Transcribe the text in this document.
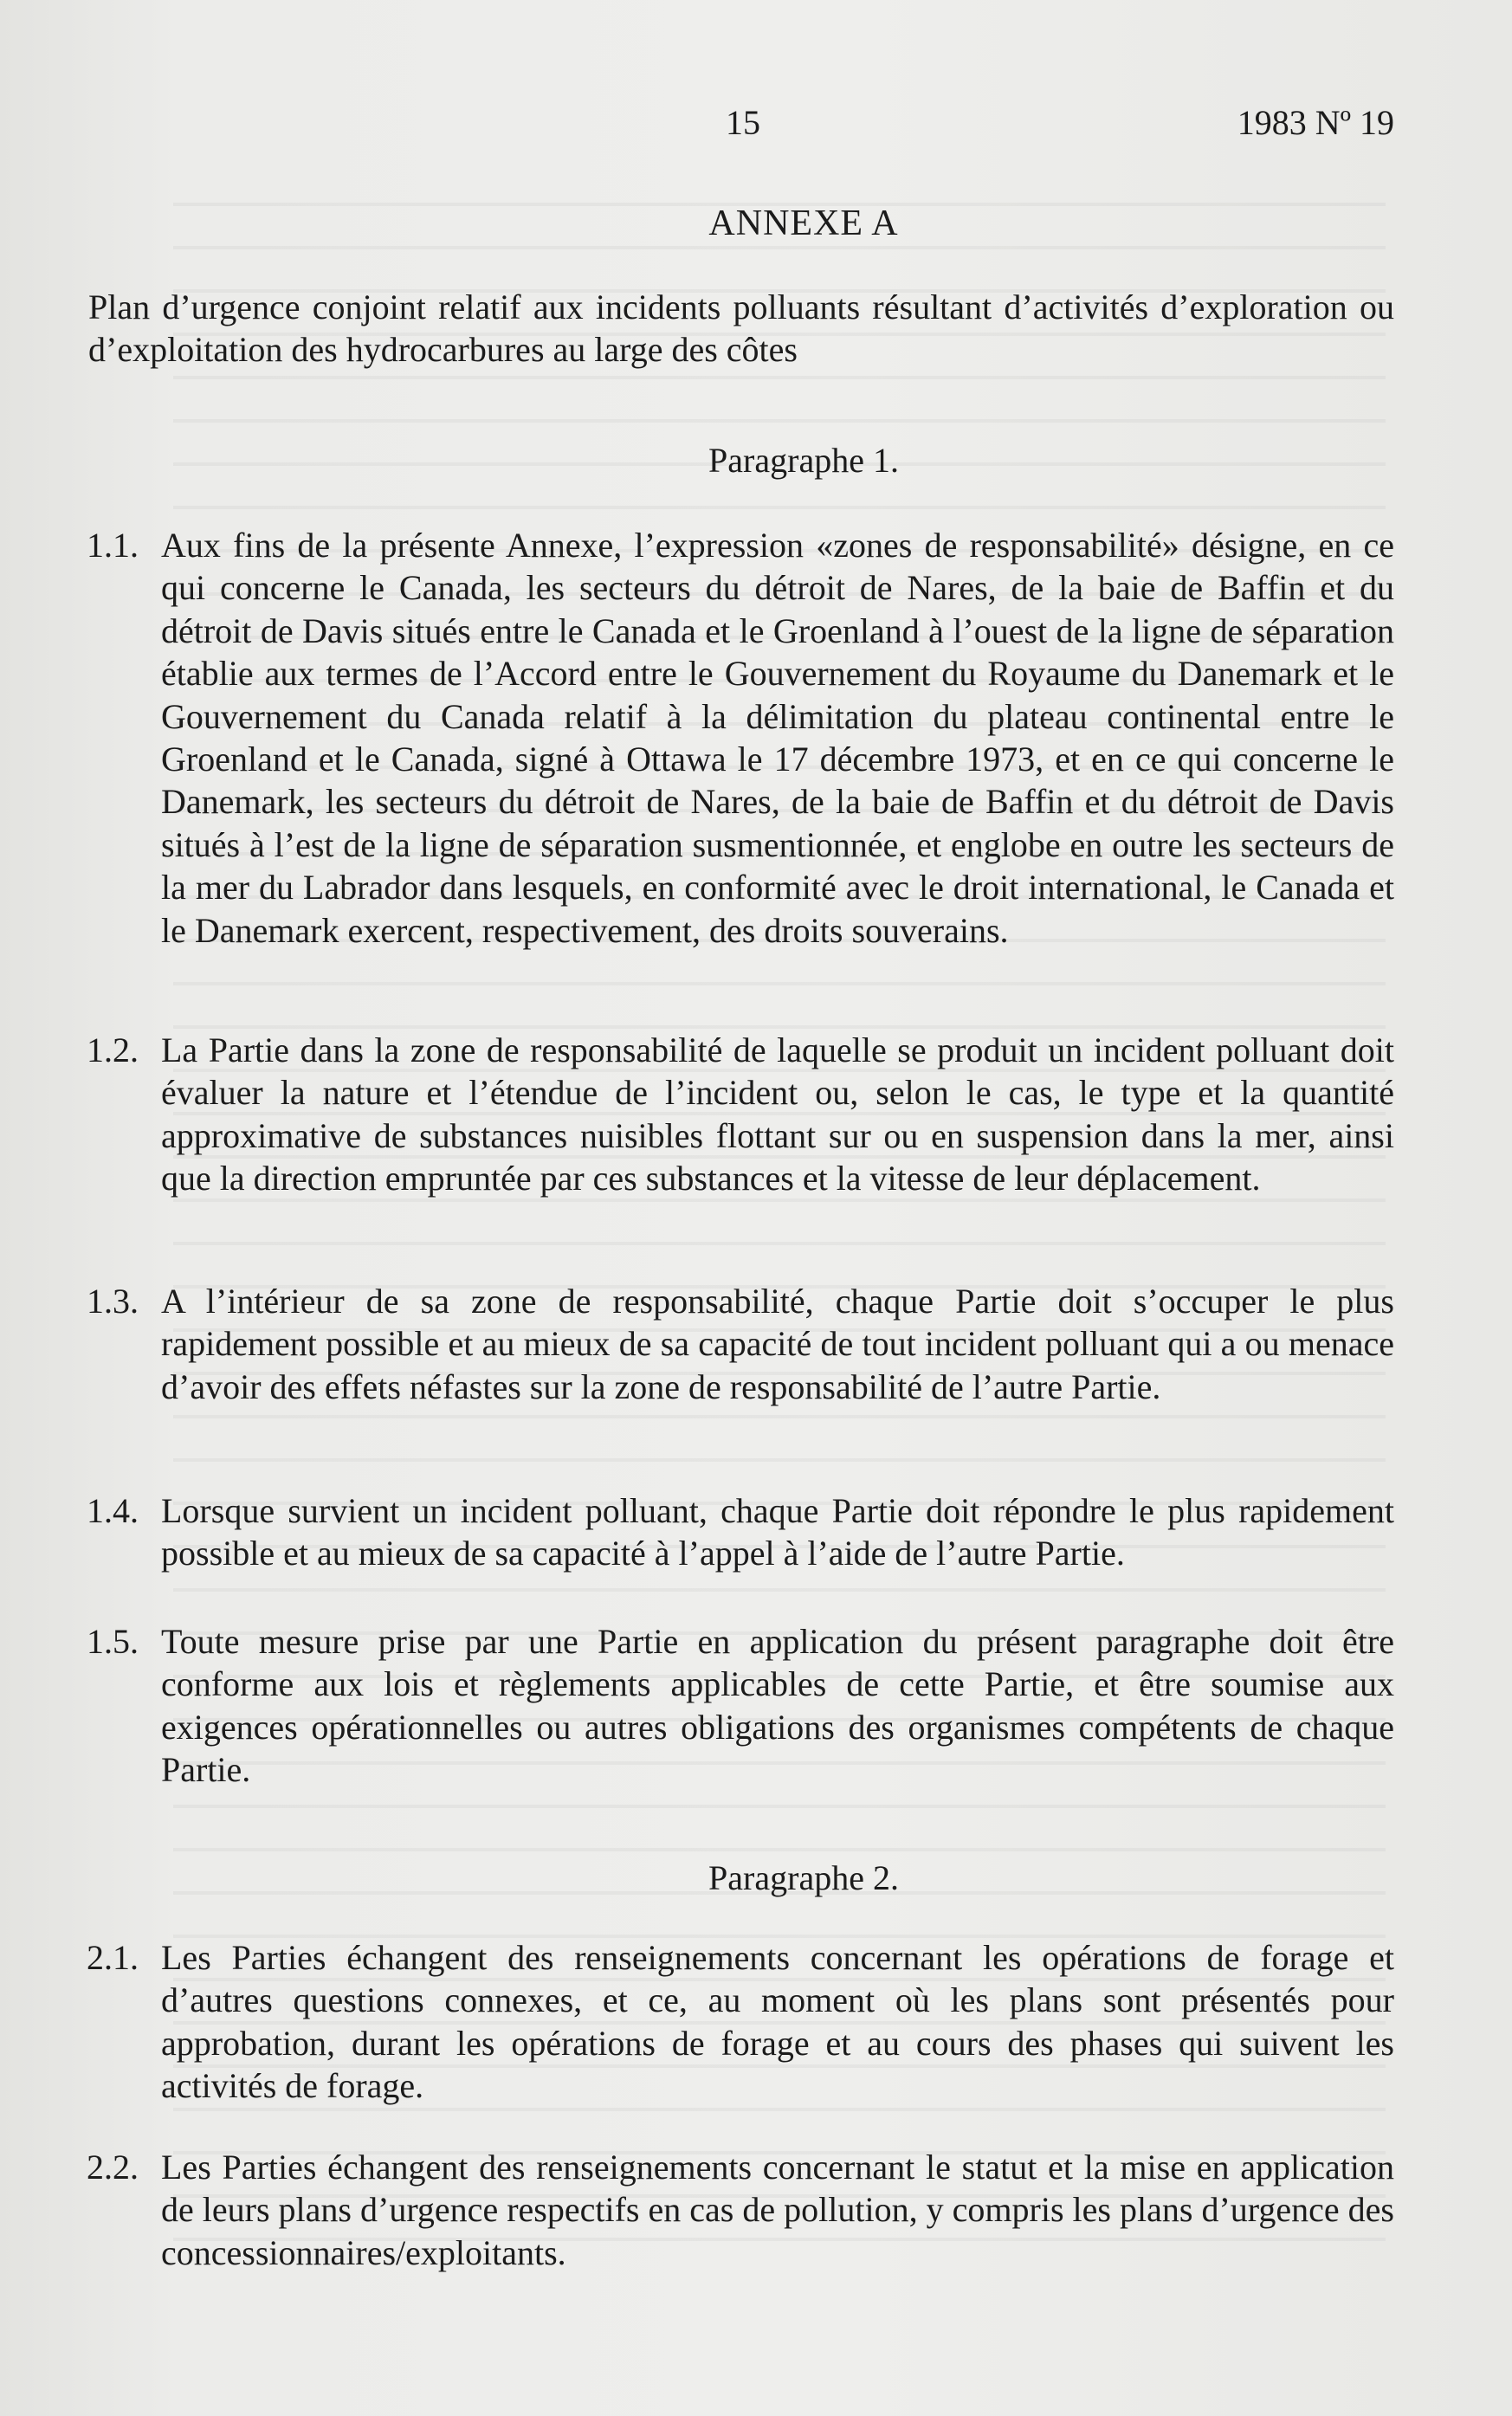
15	1983 Nº 19
ANNEXE A
Plan d’urgence conjoint relatif aux incidents polluants résultant d’activités d’exploration ou d’exploitation des hydrocarbures au large des côtes
Paragraphe 1.
1.1. Aux fins de la présente Annexe, l’expression «zones de responsabilité» désigne, en ce qui concerne le Canada, les secteurs du détroit de Nares, de la baie de Baffin et du détroit de Davis situés entre le Canada et le Groenland à l’ouest de la ligne de séparation établie aux termes de l’Accord entre le Gouvernement du Royaume du Danemark et le Gouvernement du Canada relatif à la délimitation du plateau continental entre le Groenland et le Canada, signé à Ottawa le 17 décembre 1973, et en ce qui concerne le Danemark, les secteurs du détroit de Nares, de la baie de Baffin et du détroit de Davis situés à l’est de la ligne de séparation susmentionnée, et englobe en outre les secteurs de la mer du Labrador dans lesquels, en conformité avec le droit international, le Canada et le Danemark exercent, respectivement, des droits souverains.
1.2. La Partie dans la zone de responsabilité de laquelle se produit un incident polluant doit évaluer la nature et l’étendue de l’incident ou, selon le cas, le type et la quantité approximative de substances nuisibles flottant sur ou en suspension dans la mer, ainsi que la direction empruntée par ces substances et la vitesse de leur déplacement.
1.3. A l’intérieur de sa zone de responsabilité, chaque Partie doit s’occuper le plus rapidement possible et au mieux de sa capacité de tout incident polluant qui a ou menace d’avoir des effets néfastes sur la zone de responsabilité de l’autre Partie.
1.4. Lorsque survient un incident polluant, chaque Partie doit répondre le plus rapidement possible et au mieux de sa capacité à l’appel à l’aide de l’autre Partie.
1.5. Toute mesure prise par une Partie en application du présent paragraphe doit être conforme aux lois et règlements applicables de cette Partie, et être soumise aux exigences opérationnelles ou autres obligations des organismes compétents de chaque Partie.
Paragraphe 2.
2.1. Les Parties échangent des renseignements concernant les opérations de forage et d’autres questions connexes, et ce, au moment où les plans sont présentés pour approbation, durant les opérations de forage et au cours des phases qui suivent les activités de forage.
2.2. Les Parties échangent des renseignements concernant le statut et la mise en application de leurs plans d’urgence respectifs en cas de pollution, y compris les plans d’urgence des concessionnaires/exploitants.
